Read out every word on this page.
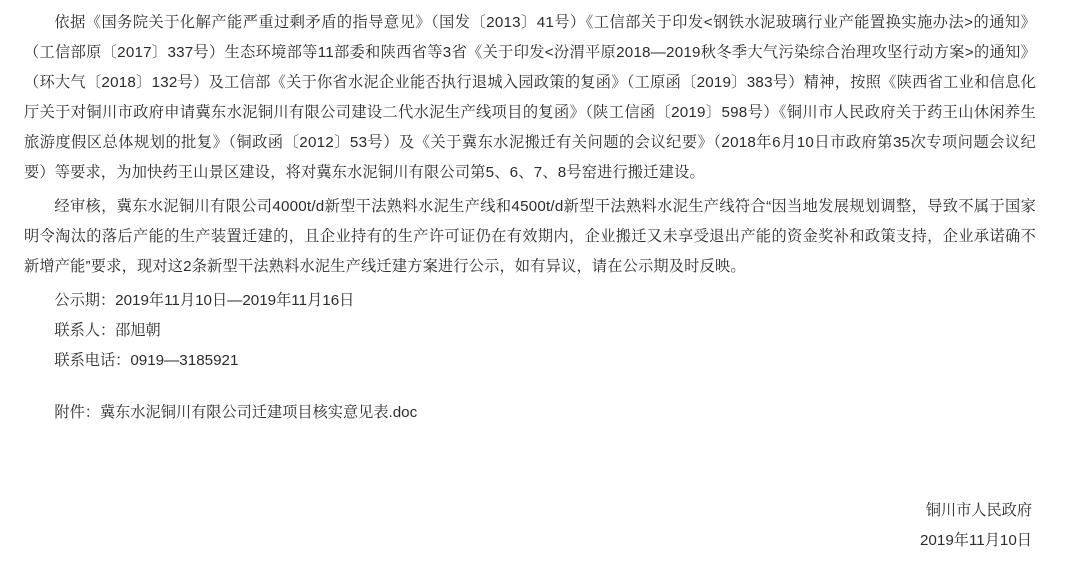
依据《国务院关于化解产能严重过剩矛盾的指导意见》（国发〔2013〕41号）《工信部关于印发<钢铁水泥玻璃行业产能置换实施办法>的通知》（工信部原〔2017〕337号）生态环境部等11部委和陕西省等3省《关于印发<汾渭平原2018—2019秋冬季大气污染综合治理攻坚行动方案>的通知》（环大气〔2018〕132号）及工信部《关于你省水泥企业能否执行退城入园政策的复函》（工原函〔2019〕383号）精神，按照《陕西省工业和信息化厅关于对铜川市政府申请冀东水泥铜川有限公司建设二代水泥生产线项目的复函》（陕工信函〔2019〕598号）《铜川市人民政府关于药王山休闲养生旅游度假区总体规划的批复》（铜政函〔2012〕53号）及《关于冀东水泥搬迁有关问题的会议纪要》（2018年6月10日市政府第35次专项问题会议纪要）等要求，为加快药王山景区建设，将对冀东水泥铜川有限公司第5、6、7、8号窑进行搬迁建设。

经审核，冀东水泥铜川有限公司4000t/d新型干法熟料水泥生产线和4500t/d新型干法熟料水泥生产线符合“因当地发展规划调整，导致不属于国家明令淘汰的落后产能的生产装置迁建的，且企业持有的生产许可证仍在有效期内，企业搬迁又未享受退出产能的资金奖补和政策支持，企业承诺确不新增产能”要求，现对这2条新型干法熟料水泥生产线迁建方案进行公示，如有异议，请在公示期及时反映。

公示期：2019年11月10日—2019年11月16日

联系人：邵旭朝

联系电话：0919—3185921

附件：冀东水泥铜川有限公司迁建项目核实意见表.doc

铜川市人民政府

2019年11月10日
